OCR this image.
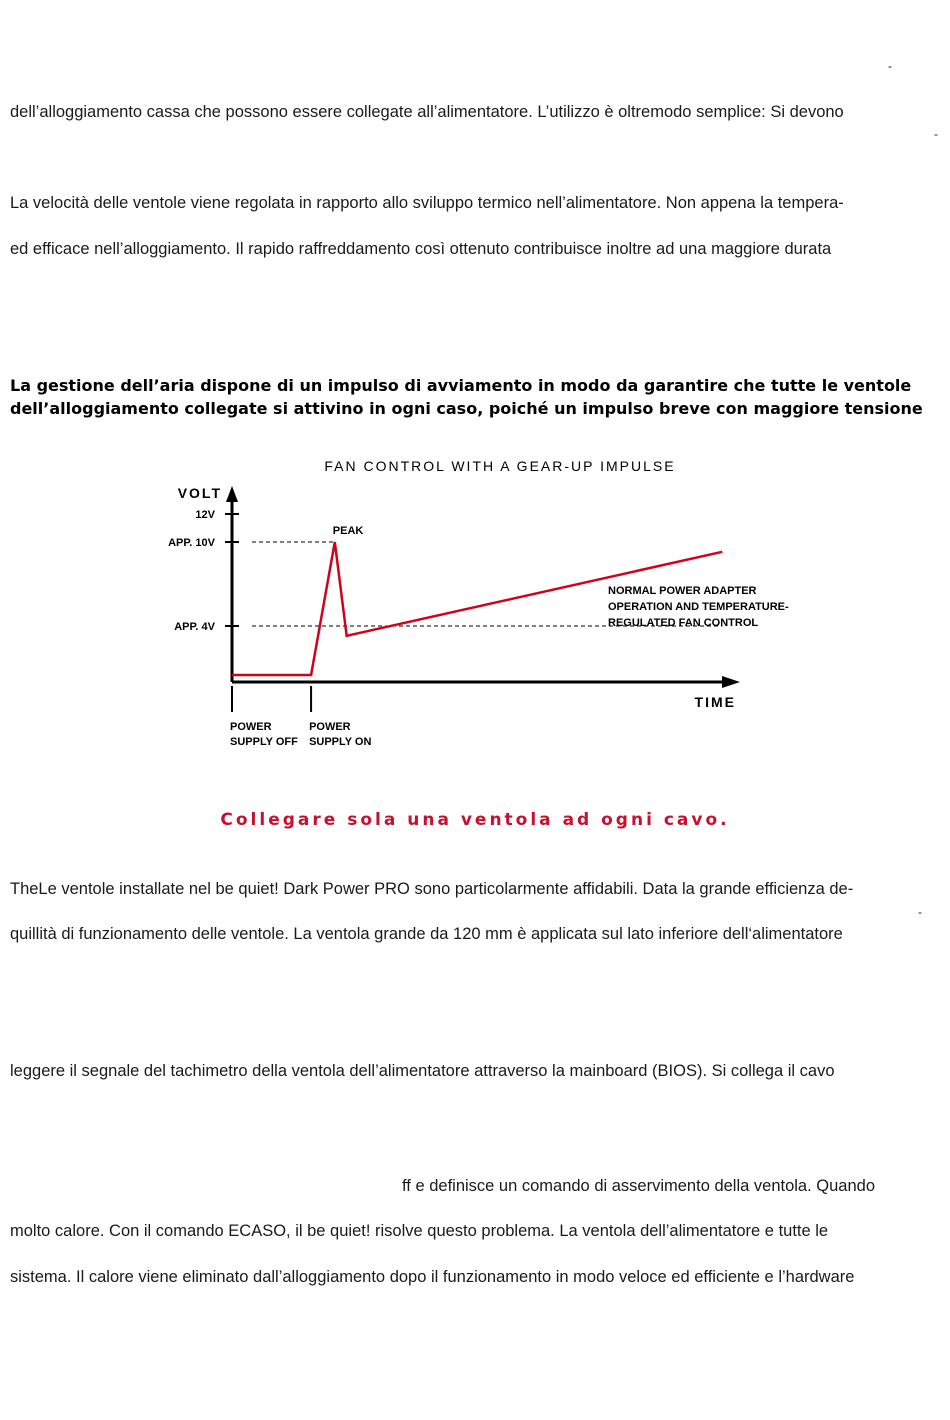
-
dell’alloggiamento cassa che possono essere collegate all’alimentatore. L’utilizzo è oltremodo semplice: Si devono
-
La velocità delle ventole viene regolata in rapporto allo sviluppo termico nell’alimentatore. Non appena la tempera-
ed efficace nell’alloggiamento. Il rapido raffreddamento così ottenuto contribuisce inoltre ad una maggiore durata
La gestione dell’aria dispone di un impulso di avviamento in modo da garantire che tutte le ventole
dell’alloggiamento collegate si attivino in ogni caso, poiché un impulso breve con maggiore tensione
FAN CONTROL WITH A GEAR-UP IMPULSE
VOLT
TIME
12V
APP. 10V
APP. 4V
POWER
SUPPLY OFF
POWER
SUPPLY ON
PEAK
NORMAL POWER ADAPTER
OPERATION AND TEMPERATURE-
REGULATED FAN CONTROL
Collegare sola una ventola ad ogni cavo.
TheLe ventole installate nel be quiet! Dark Power PRO sono particolarmente affidabili. Data la grande efficienza de-
-
quillità di funzionamento delle ventole. La ventola grande da 120 mm è applicata sul lato inferiore dell‘alimentatore
leggere il segnale del tachimetro della ventola dell’alimentatore attraverso la mainboard (BIOS). Si collega il cavo
ff e definisce un comando di asservimento della ventola. Quando
molto calore. Con il comando ECASO, il be quiet! risolve questo problema. La ventola dell’alimentatore e tutte le
sistema. Il calore viene eliminato dall’alloggiamento dopo il funzionamento in modo veloce ed efficiente e l’hardware
